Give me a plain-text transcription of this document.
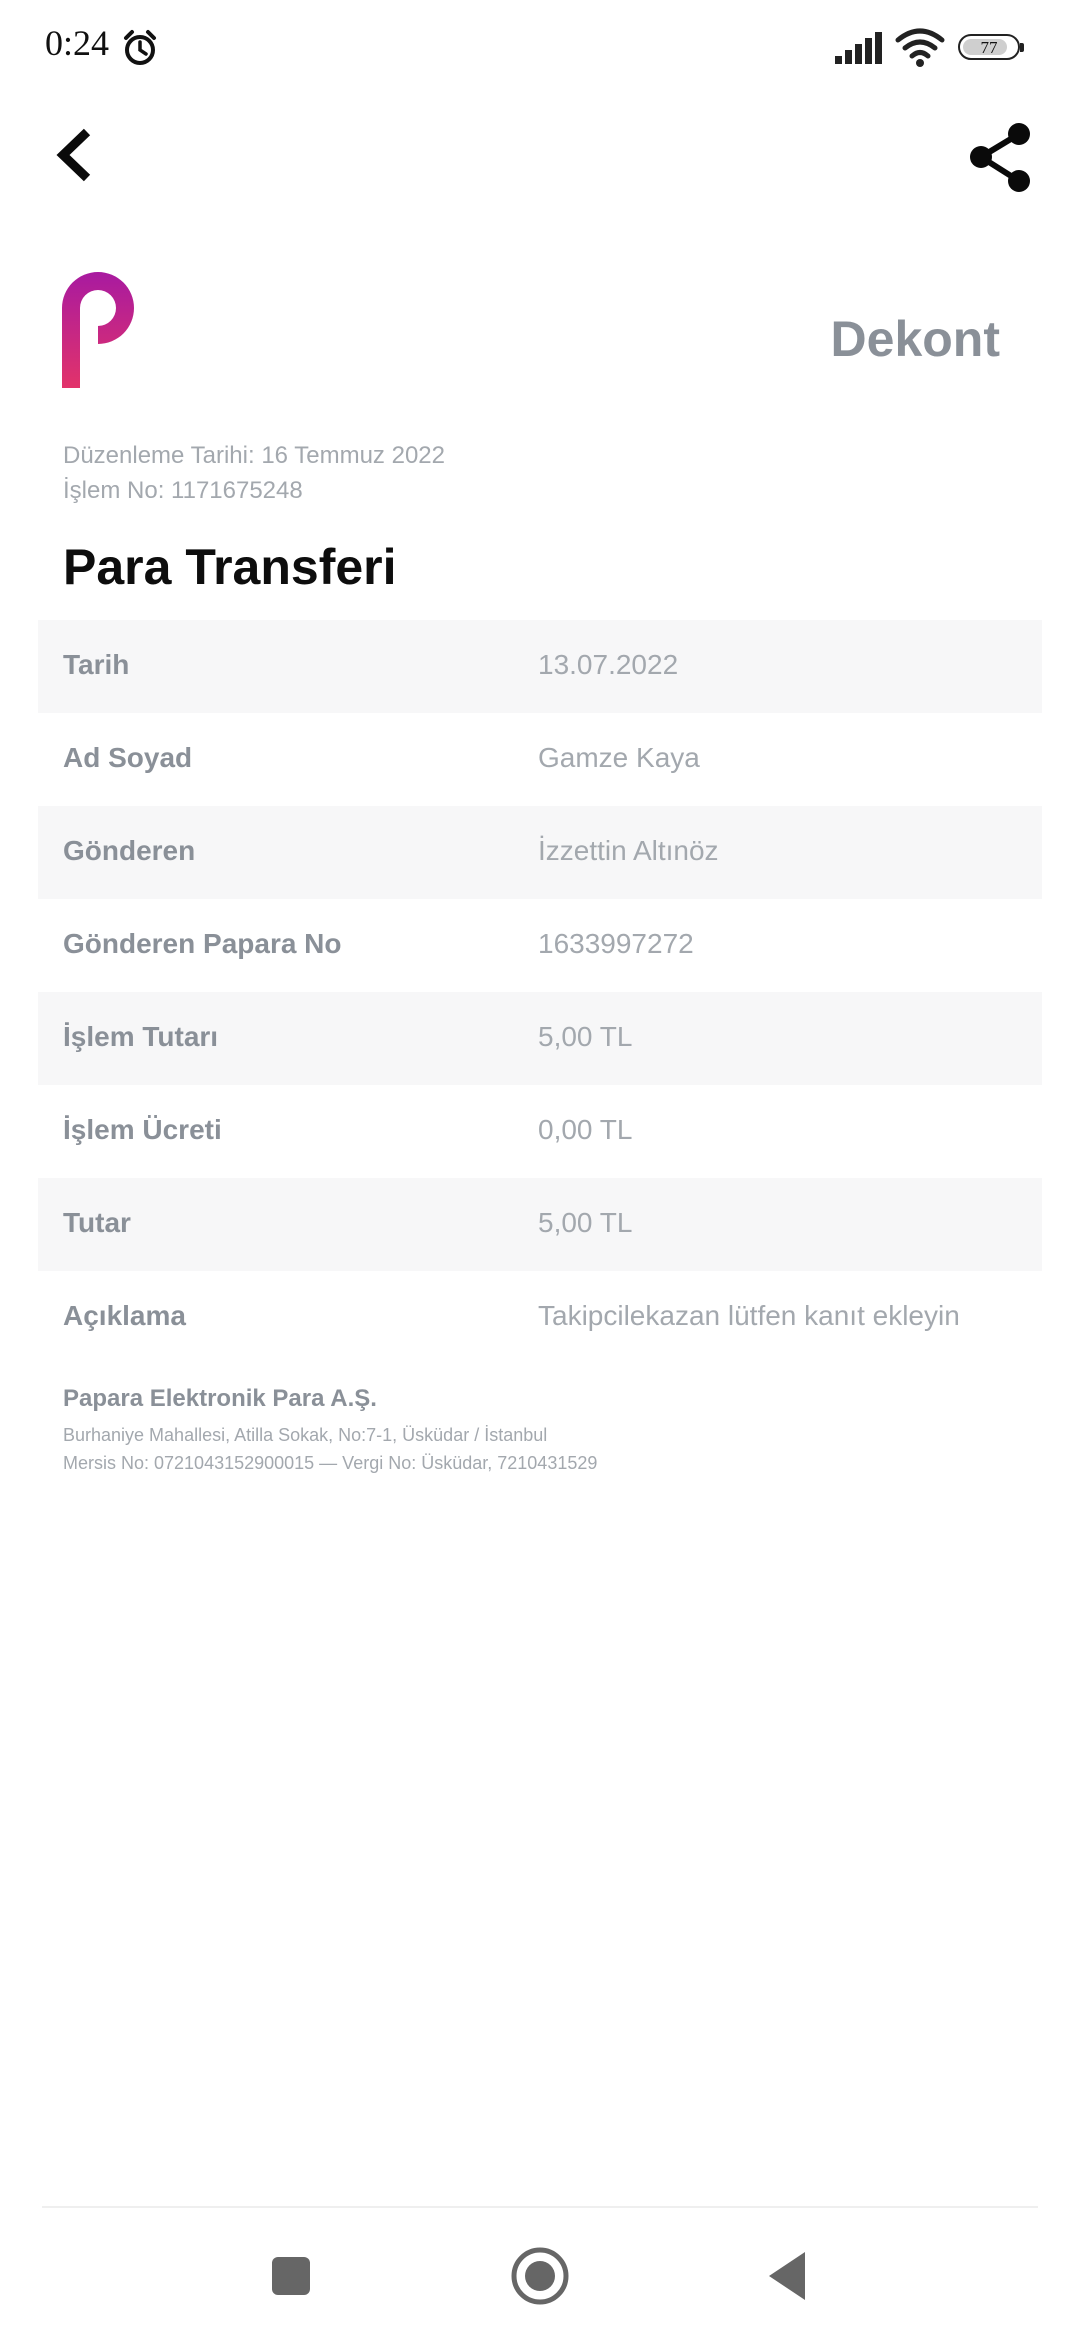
0:24	77
Dekont
Düzenleme Tarihi: 16 Temmuz 2022
İşlem No: 1171675248
Para Transferi
Tarih	13.07.2022
Ad Soyad	Gamze Kaya
Gönderen	İzzettin Altınöz
Gönderen Papara No	1633997272
İşlem Tutarı	5,00 TL
İşlem Ücreti	0,00 TL
Tutar	5,00 TL
Açıklama	Takipcilekazan lütfen kanıt ekleyin
Papara Elektronik Para A.Ş.
Burhaniye Mahallesi, Atilla Sokak, No:7-1, Üsküdar / İstanbul
Mersis No: 0721043152900015 — Vergi No: Üsküdar, 7210431529
